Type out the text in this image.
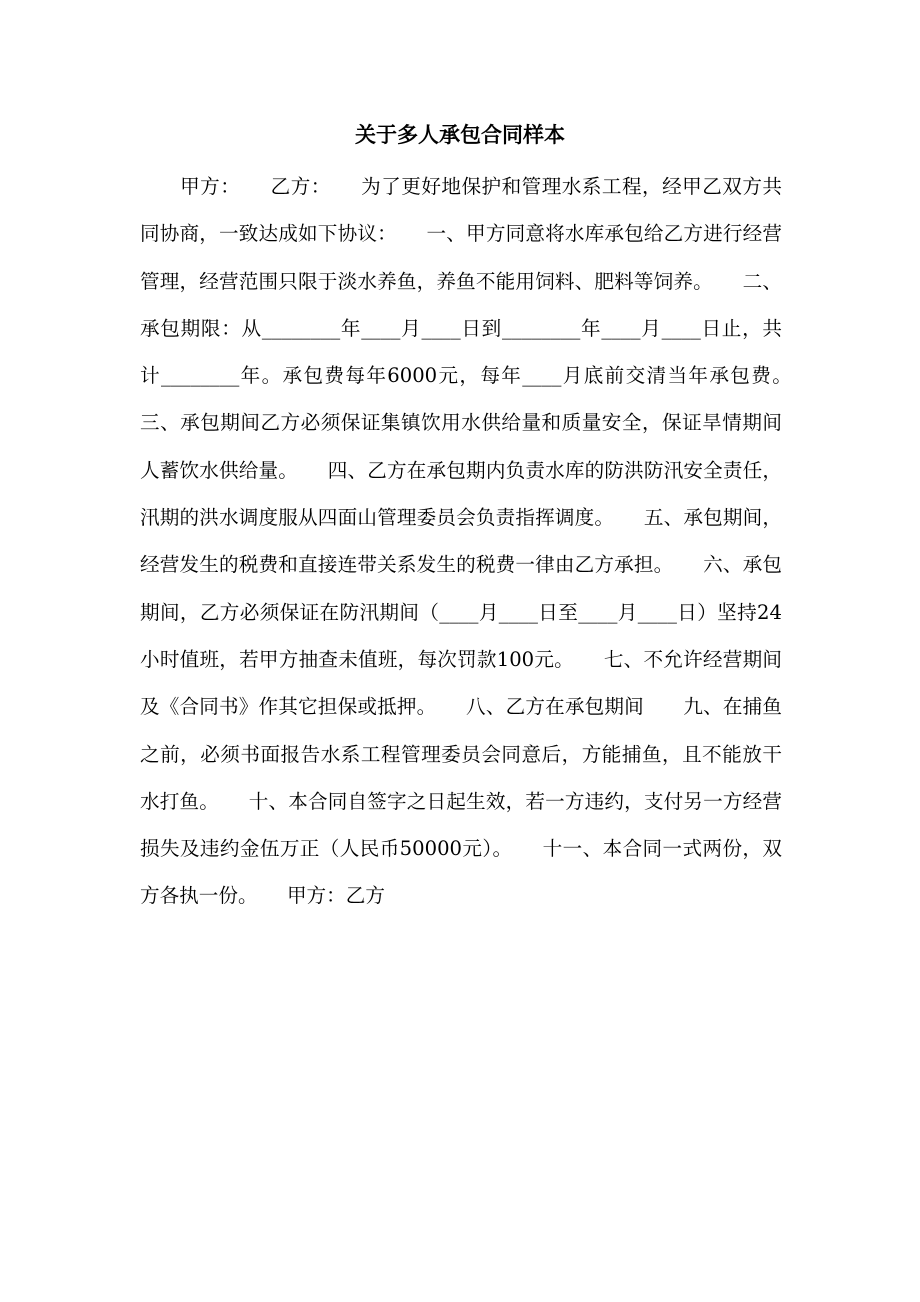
关于多人承包合同样本

　　甲方：　　乙方：　　为了更好地保护和管理水系工程，经甲乙双方共同协商，一致达成如下协议：　　一、甲方同意将水库承包给乙方进行经营管理，经营范围只限于淡水养鱼，养鱼不能用饲料、肥料等饲养。　　二、承包期限：从________年____月____日到________年____月____日止，共计________年。承包费每年6000元，每年____月底前交清当年承包费。　　三、承包期间乙方必须保证集镇饮用水供给量和质量安全，保证旱情期间人蓄饮水供给量。　　四、乙方在承包期内负责水库的防洪防汛安全责任，汛期的洪水调度服从四面山管理委员会负责指挥调度。　　五、承包期间，经营发生的税费和直接连带关系发生的税费一律由乙方承担。　　六、承包期间，乙方必须保证在防汛期间（____月____日至____月____日）坚持24小时值班，若甲方抽查未值班，每次罚款100元。　　七、不允许经营期间及《合同书》作其它担保或抵押。　　八、乙方在承包期间　　九、在捕鱼之前，必须书面报告水系工程管理委员会同意后，方能捕鱼，且不能放干水打鱼。　　十、本合同自签字之日起生效，若一方违约，支付另一方经营损失及违约金伍万正（人民币50000元）。　　十一、本合同一式两份，双方各执一份。　　甲方：乙方
